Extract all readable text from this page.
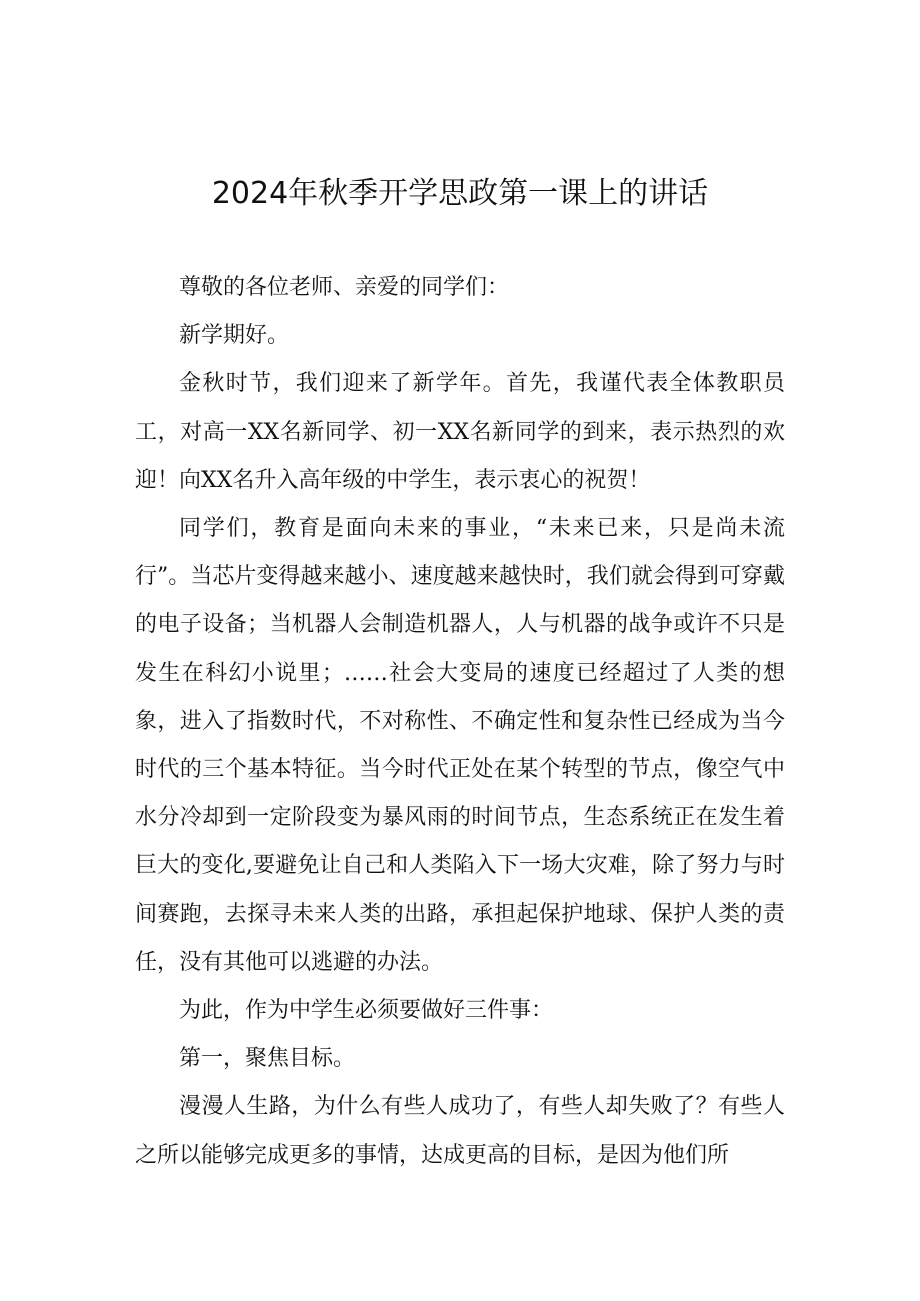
2024年秋季开学思政第一课上的讲话

尊敬的各位老师、亲爱的同学们：

新学期好。

金秋时节，我们迎来了新学年。首先，我谨代表全体教职员工，对高一XX名新同学、初一XX名新同学的到来，表示热烈的欢迎！向XX名升入高年级的中学生，表示衷心的祝贺！

同学们，教育是面向未来的事业，“未来已来，只是尚未流行”。当芯片变得越来越小、速度越来越快时，我们就会得到可穿戴的电子设备；当机器人会制造机器人，人与机器的战争或许不只是发生在科幻小说里；……社会大变局的速度已经超过了人类的想象，进入了指数时代，不对称性、不确定性和复杂性已经成为当今时代的三个基本特征。当今时代正处在某个转型的节点，像空气中水分冷却到一定阶段变为暴风雨的时间节点，生态系统正在发生着巨大的变化,要避免让自己和人类陷入下一场大灾难，除了努力与时间赛跑，去探寻未来人类的出路，承担起保护地球、保护人类的责任，没有其他可以逃避的办法。

为此，作为中学生必须要做好三件事：

第一，聚焦目标。

漫漫人生路，为什么有些人成功了，有些人却失败了？有些人之所以能够完成更多的事情，达成更高的目标，是因为他们所
